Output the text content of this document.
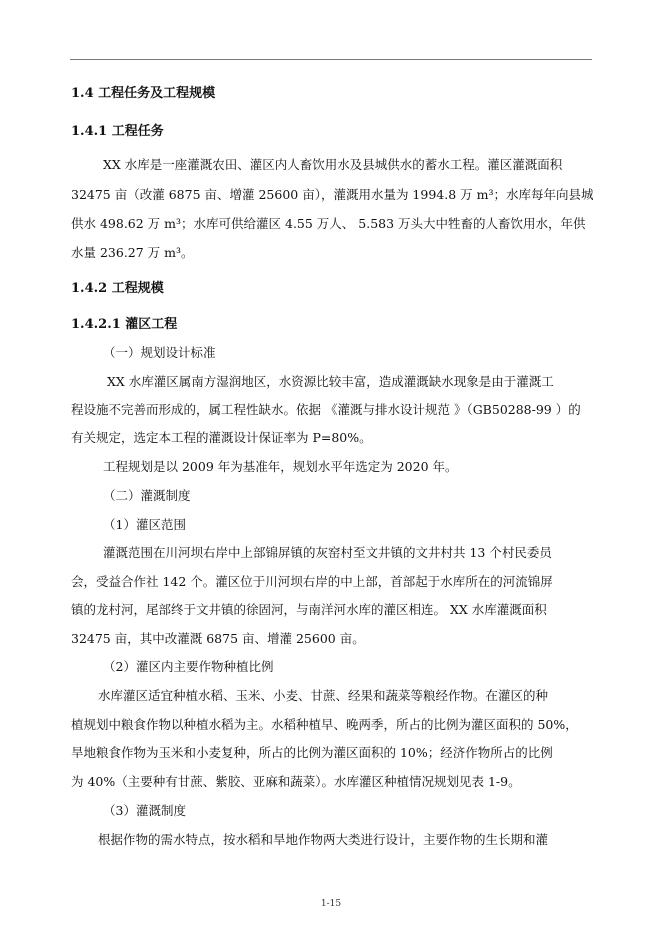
1.4 工程任务及工程规模
1.4.1 工程任务
XX 水库是一座灌溉农田、灌区内人畜饮用水及县城供水的蓄水工程。灌区灌溉面积
32475 亩（改灌 6875 亩、增灌 25600 亩），灌溉用水量为 1994.8 万 m³；水库每年向县城
供水 498.62 万 m³；水库可供给灌区 4.55 万人、 5.583 万头大中牲畜的人畜饮用水，年供
水量 236.27 万 m³。
1.4.2 工程规模
1.4.2.1 灌区工程
（一）规划设计标准
XX 水库灌区属南方湿润地区，水资源比较丰富，造成灌溉缺水现象是由于灌溉工
程设施不完善而形成的，属工程性缺水。依据 《灌溉与排水设计规范 》（GB50288-99 ）的
有关规定，选定本工程的灌溉设计保证率为 P=80%。
工程规划是以 2009 年为基准年，规划水平年选定为 2020 年。
（二）灌溉制度
（1）灌区范围
灌溉范围在川河坝右岸中上部锦屏镇的灰窑村至文井镇的文井村共 13 个村民委员
会，受益合作社 142 个。灌区位于川河坝右岸的中上部，首部起于水库所在的河流锦屏
镇的龙村河，尾部终于文井镇的徐固河，与南洋河水库的灌区相连。 XX 水库灌溉面积
32475 亩，其中改灌溉 6875 亩、增灌 25600 亩。
（2）灌区内主要作物种植比例
水库灌区适宜种植水稻、玉米、小麦、甘蔗、经果和蔬菜等粮经作物。在灌区的种
植规划中粮食作物以种植水稻为主。水稻种植早、晚两季，所占的比例为灌区面积的 50%，
旱地粮食作物为玉米和小麦复种，所占的比例为灌区面积的 10%；经济作物所占的比例
为 40%（主要种有甘蔗、紫胶、亚麻和蔬菜）。水库灌区种植情况规划见表 1-9。
（3）灌溉制度
根据作物的需水特点，按水稻和旱地作物两大类进行设计，主要作物的生长期和灌
1-15
